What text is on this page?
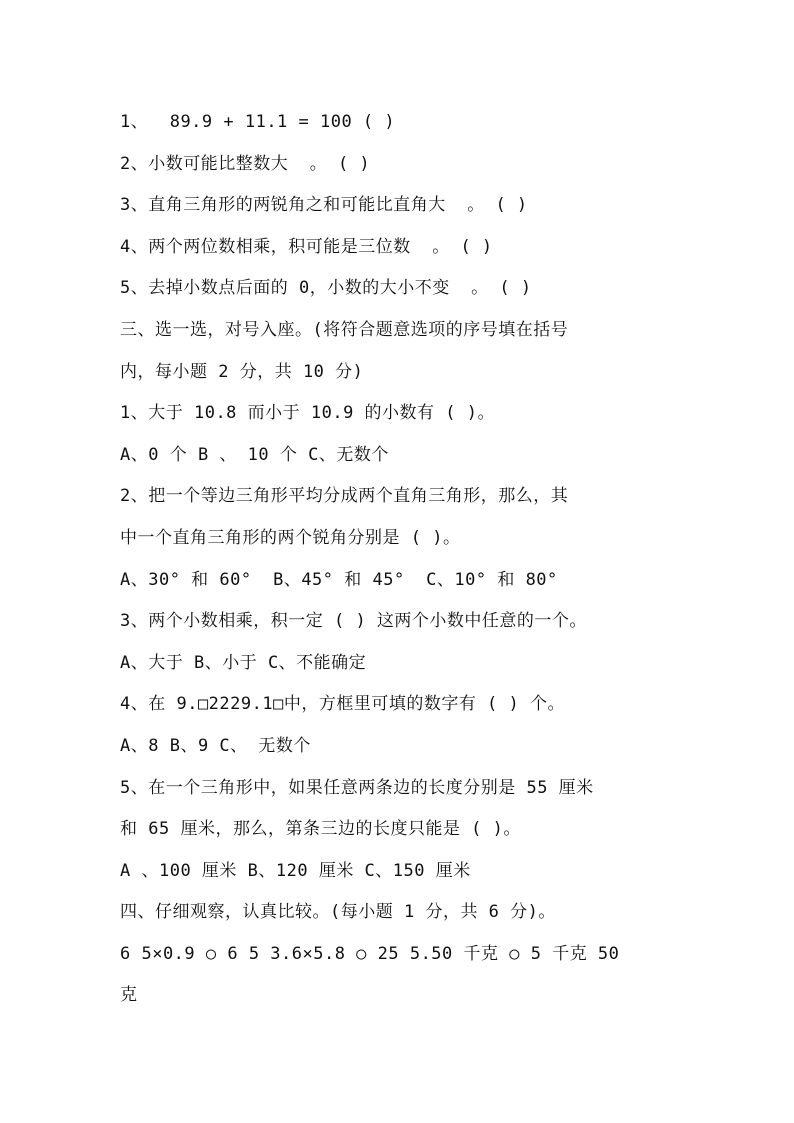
1、  89.9 + 11.1 = 100 ( )
2、小数可能比整数大  。 ( )
3、直角三角形的两锐角之和可能比直角大  。 ( )
4、两个两位数相乘，积可能是三位数  。 ( )
5、去掉小数点后面的 0，小数的大小不变  。 ( )
三、选一选，对号入座。(将符合题意选项的序号填在括号
内，每小题 2 分，共 10 分)
1、大于 10.8 而小于 10.9 的小数有 ( )。
A、0 个 B 、 10 个 C、无数个
2、把一个等边三角形平均分成两个直角三角形，那么，其
中一个直角三角形的两个锐角分别是 ( )。
A、30° 和 60°  B、45° 和 45°  C、10° 和 80°
3、两个小数相乘，积一定 ( ) 这两个小数中任意的一个。
A、大于 B、小于 C、不能确定
4、在 9.□2229.1□中，方框里可填的数字有 ( ) 个。
A、8 B、9 C、 无数个
5、在一个三角形中，如果任意两条边的长度分别是 55 厘米
和 65 厘米，那么，第条三边的长度只能是 ( )。
A 、100 厘米 B、120 厘米 C、150 厘米
四、仔细观察，认真比较。(每小题 1 分，共 6 分)。
6 5×0.9 ○ 6 5 3.6×5.8 ○ 25 5.50 千克 ○ 5 千克 50
克
